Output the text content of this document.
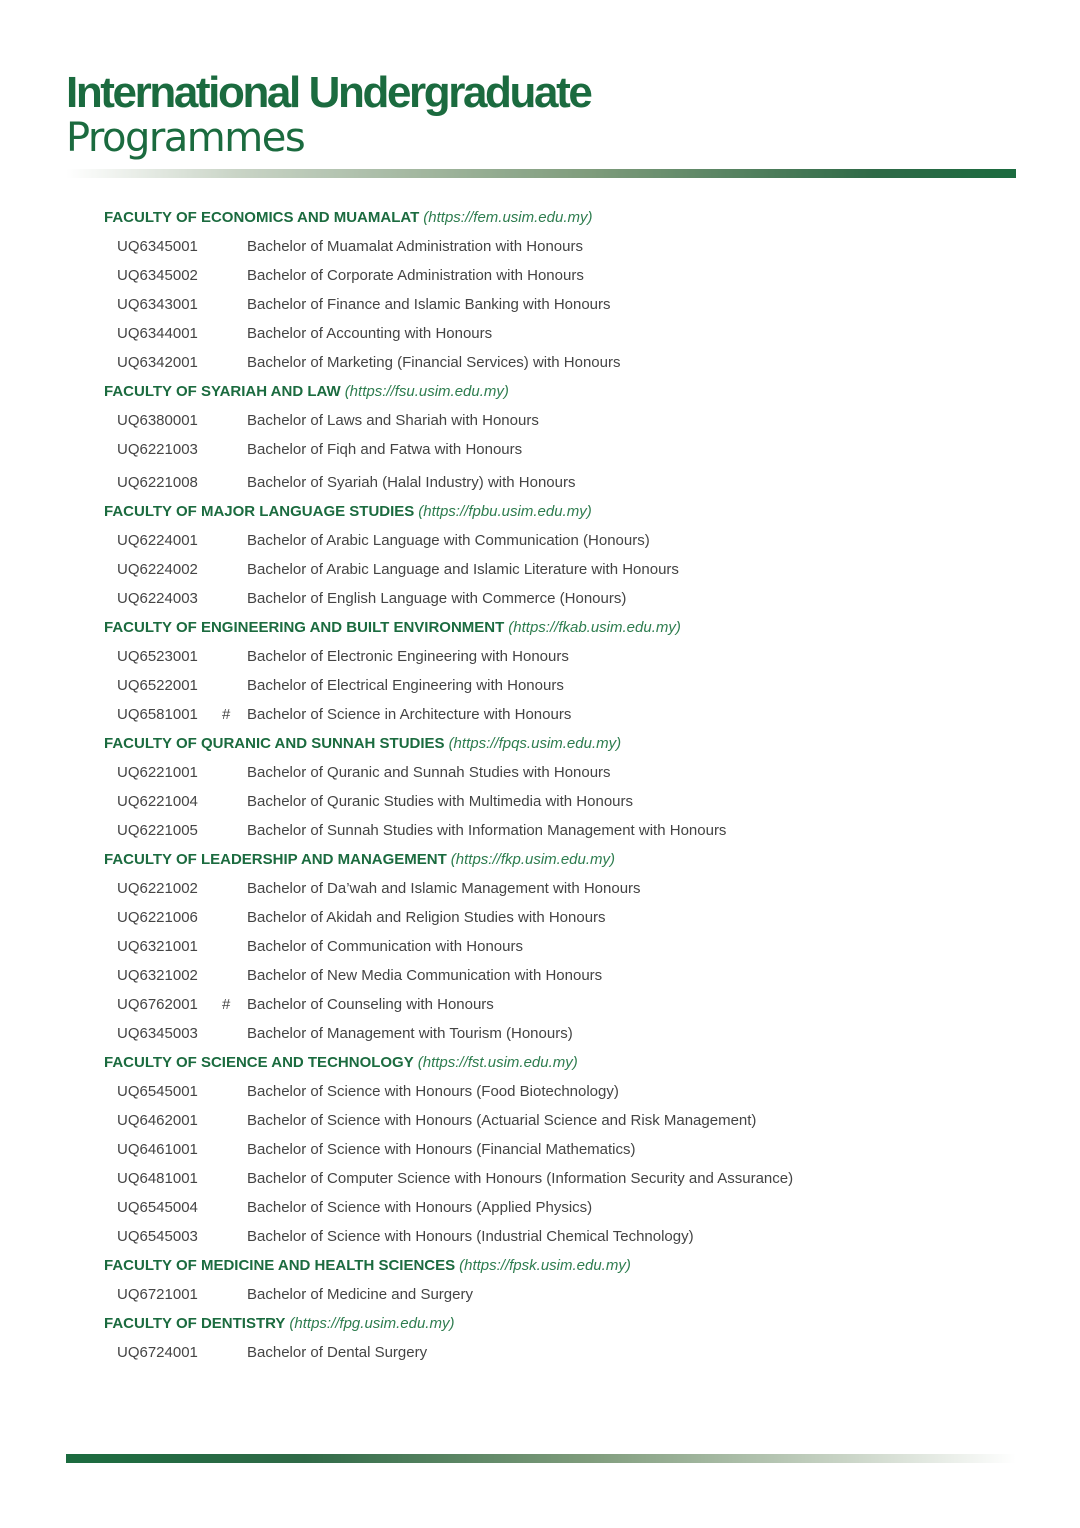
International Undergraduate
Programmes
FACULTY OF ECONOMICS AND MUAMALAT (https://fem.usim.edu.my)
UQ6345001	Bachelor of Muamalat Administration with Honours
UQ6345002	Bachelor of Corporate Administration with Honours
UQ6343001	Bachelor of Finance and Islamic Banking with Honours
UQ6344001	Bachelor of Accounting with Honours
UQ6342001	Bachelor of Marketing (Financial Services) with Honours
FACULTY OF SYARIAH AND LAW (https://fsu.usim.edu.my)
UQ6380001	Bachelor of Laws and Shariah with Honours
UQ6221003	Bachelor of Fiqh and Fatwa with Honours
UQ6221008	Bachelor of Syariah (Halal Industry) with Honours
FACULTY OF MAJOR LANGUAGE STUDIES (https://fpbu.usim.edu.my)
UQ6224001	Bachelor of Arabic Language with Communication (Honours)
UQ6224002	Bachelor of Arabic Language and Islamic Literature with Honours
UQ6224003	Bachelor of English Language with Commerce (Honours)
FACULTY OF ENGINEERING AND BUILT ENVIRONMENT (https://fkab.usim.edu.my)
UQ6523001	Bachelor of Electronic Engineering with Honours
UQ6522001	Bachelor of Electrical Engineering with Honours
UQ6581001 # Bachelor of Science in Architecture with Honours
FACULTY OF QURANIC AND SUNNAH STUDIES (https://fpqs.usim.edu.my)
UQ6221001	Bachelor of Quranic and Sunnah Studies with Honours
UQ6221004	Bachelor of Quranic Studies with Multimedia with Honours
UQ6221005	Bachelor of Sunnah Studies with Information Management with Honours
FACULTY OF LEADERSHIP AND MANAGEMENT (https://fkp.usim.edu.my)
UQ6221002	Bachelor of Da’wah and Islamic Management with Honours
UQ6221006	Bachelor of Akidah and Religion Studies with Honours
UQ6321001	Bachelor of Communication with Honours
UQ6321002	Bachelor of New Media Communication with Honours
UQ6762001 # Bachelor of Counseling with Honours
UQ6345003	Bachelor of Management with Tourism (Honours)
FACULTY OF SCIENCE AND TECHNOLOGY (https://fst.usim.edu.my)
UQ6545001	Bachelor of Science with Honours (Food Biotechnology)
UQ6462001	Bachelor of Science with Honours (Actuarial Science and Risk Management)
UQ6461001	Bachelor of Science with Honours (Financial Mathematics)
UQ6481001	Bachelor of Computer Science with Honours (Information Security and Assurance)
UQ6545004	Bachelor of Science with Honours (Applied Physics)
UQ6545003	Bachelor of Science with Honours (Industrial Chemical Technology)
FACULTY OF MEDICINE AND HEALTH SCIENCES (https://fpsk.usim.edu.my)
UQ6721001	Bachelor of Medicine and Surgery
FACULTY OF DENTISTRY (https://fpg.usim.edu.my)
UQ6724001	Bachelor of Dental Surgery
